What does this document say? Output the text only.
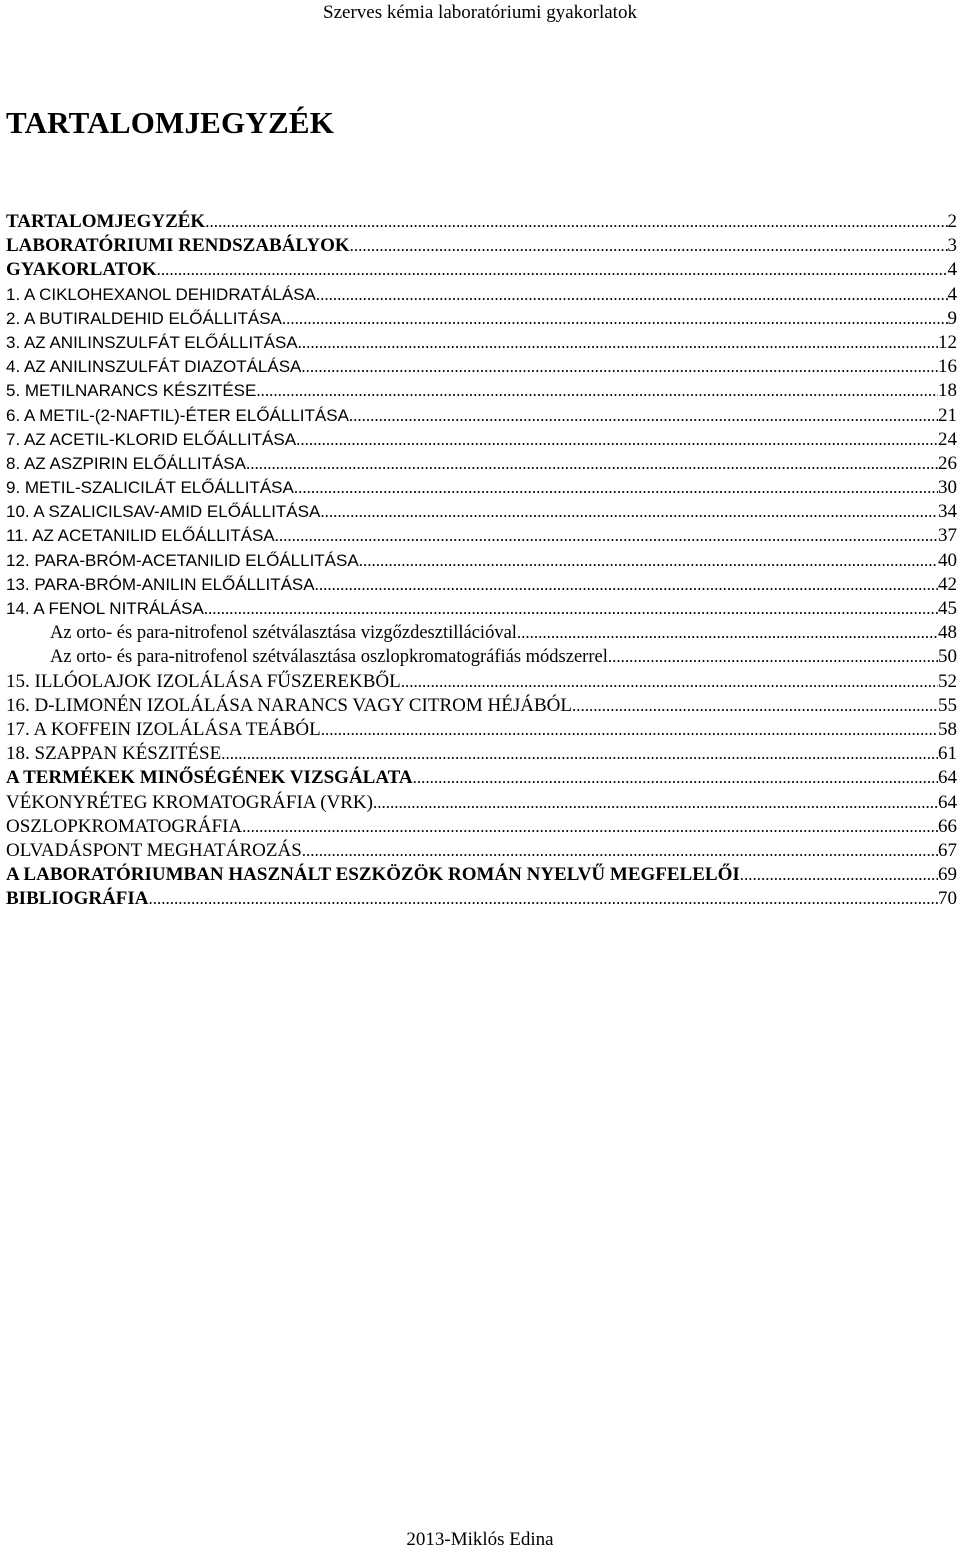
Szerves kémia laboratóriumi gyakorlatok
TARTALOMJEGYZÉK
TARTALOMJEGYZÉK .....	2
LABORATÓRIUMI RENDSZABÁLYOK .....	3
GYAKORLATOK .....	4
1. A CIKLOHEXANOL DEHIDRATÁLÁSA .....	4
2. A BUTIRALDEHID ELŐÁLLITÁSA .....	9
3. AZ ANILINSZULFÁT ELŐÁLLITÁSA .....	12
4. AZ ANILINSZULFÁT DIAZOTÁLÁSA .....	16
5. METILNARANCS KÉSZITÉSE .....	18
6. A METIL-(2-NAFTIL)-ÉTER ELŐÁLLITÁSA .....	21
7. AZ ACETIL-KLORID ELŐÁLLITÁSA .....	24
8. AZ ASZPIRIN ELŐÁLLITÁSA .....	26
9. METIL-SZALICILÁT ELŐÁLLITÁSA .....	30
10. A SZALICILSAV-AMID ELŐÁLLITÁSA .....	34
11. AZ ACETANILID ELŐÁLLITÁSA .....	37
12. PARA-BRÓM-ACETANILID ELŐÁLLITÁSA .....	40
13. PARA-BRÓM-ANILIN ELŐÁLLITÁSA .....	42
14. A FENOL NITRÁLÁSA .....	45
Az orto- és para-nitrofenol szétválasztása vizgőzdesztillációval .....	48
Az orto- és para-nitrofenol szétválasztása oszlopkromatográfiás módszerrel .....	50
15. ILLÓOLAJOK IZOLÁLÁSA FŰSZEREKBŐL .....	52
16. D-LIMONÉN IZOLÁLÁSA NARANCS VAGY CITROM HÉJÁBÓL .....	55
17. A KOFFEIN IZOLÁLÁSA TEÁBÓL .....	58
18. SZAPPAN KÉSZITÉSE .....	61
A TERMÉKEK MINŐSÉGÉNEK VIZSGÁLATA .....	64
VÉKONYRÉTEG KROMATOGRÁFIA (VRK) .....	64
OSZLOPKROMATOGRÁFIA .....	66
OLVADÁSPONT MEGHATÁROZÁS .....	67
A LABORATÓRIUMBAN HASZNÁLT ESZKÖZÖK ROMÁN NYELVŰ MEGFELELŐI .....	69
BIBLIOGRÁFIA .....	70
2013-Miklós Edina
